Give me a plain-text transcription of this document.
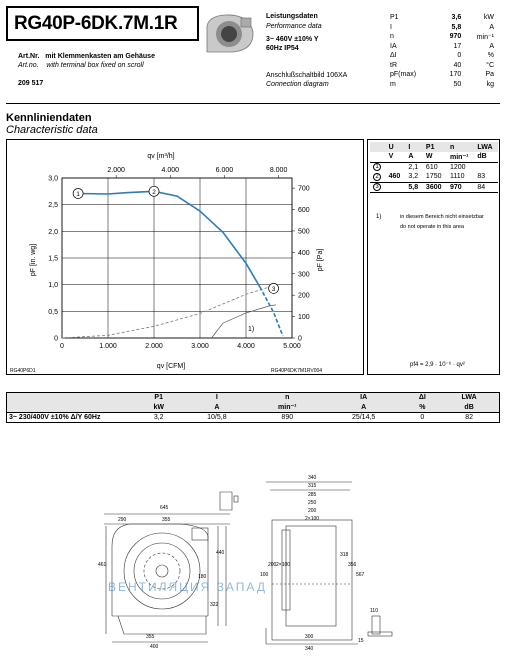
RG40P-6DK.7M.1R
Art.Nr. mit Klemmenkasten am Gehäuse
Art.no. with terminal box fixed on scroll
209 517
Leistungsdaten
Performance data
3~ 460V ±10% Y
60Hz IP54
Anschlußschaltbild 106XA
Connection diagram
P1	3,6	kW
I	5,8	A
n	970	min⁻¹
IA	17	A
ΔI	0	%
tR	40	°C
pF(max)	170	Pa
m	50	kg
Kennliniendaten
Characteristic data
qv [m³/h]
2.000	4.000	6.000	8.000
0	1.000	2.000	3.000	4.000	5.000
0
0,5
1,0
1,5
2,0
2,5
3,0
0
100
200
300
400
500
600
700
qv [CFM]
pF [in. wg]	pF [Pa]
1	2
3
1)
RG40P6D1	RG40P6DK7M1RV004
	U	I	P1	n	LWA
	V	A	W	min⁻¹	dB
1		2,1	610	1200	
2	460	3,2	1750	1110	83
3		5,8	3600	970	84
1)	in diesem Bereich nicht einsetzbar
do not operate in this area
pf4 = 2,9 · 10⁻⁶ · qv²
	P1	I	n	IA	ΔI	LWA
	kW	A	min⁻¹	A	%	dB
3~ 230/400V ±10% Δ/Y 60Hz	3,2	10/5,8	890	25/14,5	0	82
645
290	355
461
440
180
322
355
400
340
315
285
250
200
2×100
100
200 2×100
318
356
567
300
340
110
15
ВЕНТИЛЯЦИЯ ЗАПАД
